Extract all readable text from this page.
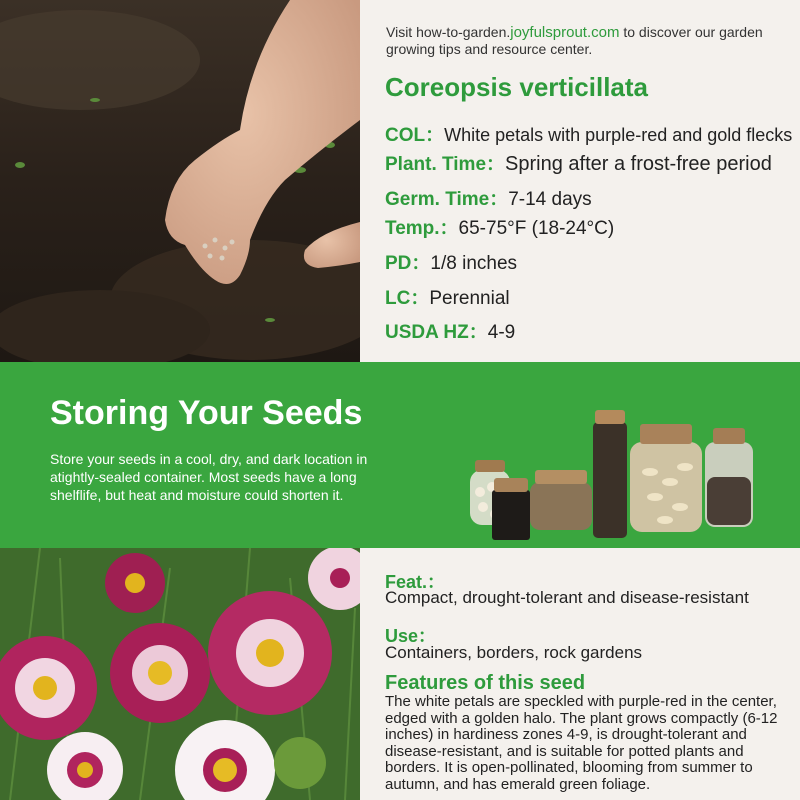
Visit how-to-garden.joyfulsprout.com to discover our garden growing tips and resource center.
Coreopsis verticillata
COL：White petals with purple-red and gold flecks
Plant. Time：Spring after a frost-free period
Germ. Time：7-14 days
Temp.：65-75°F (18-24°C)
PD：1/8 inches
LC：Perennial
USDA HZ：4-9
Storing Your Seeds
Store your seeds in a cool, dry, and dark location in atightly-sealed container. Most seeds have a long shelflife, but heat and moisture could shorten it.
Feat.：
Compact, drought-tolerant and disease-resistant
Use：
Containers, borders, rock gardens
Features of this seed
The white petals are speckled with purple-red in the center, edged with a golden halo. The plant grows compactly (6-12 inches) in hardiness zones 4-9, is drought-tolerant and disease-resistant, and is suitable for potted plants and borders. It is open-pollinated, blooming from summer to autumn, and has emerald green foliage.
